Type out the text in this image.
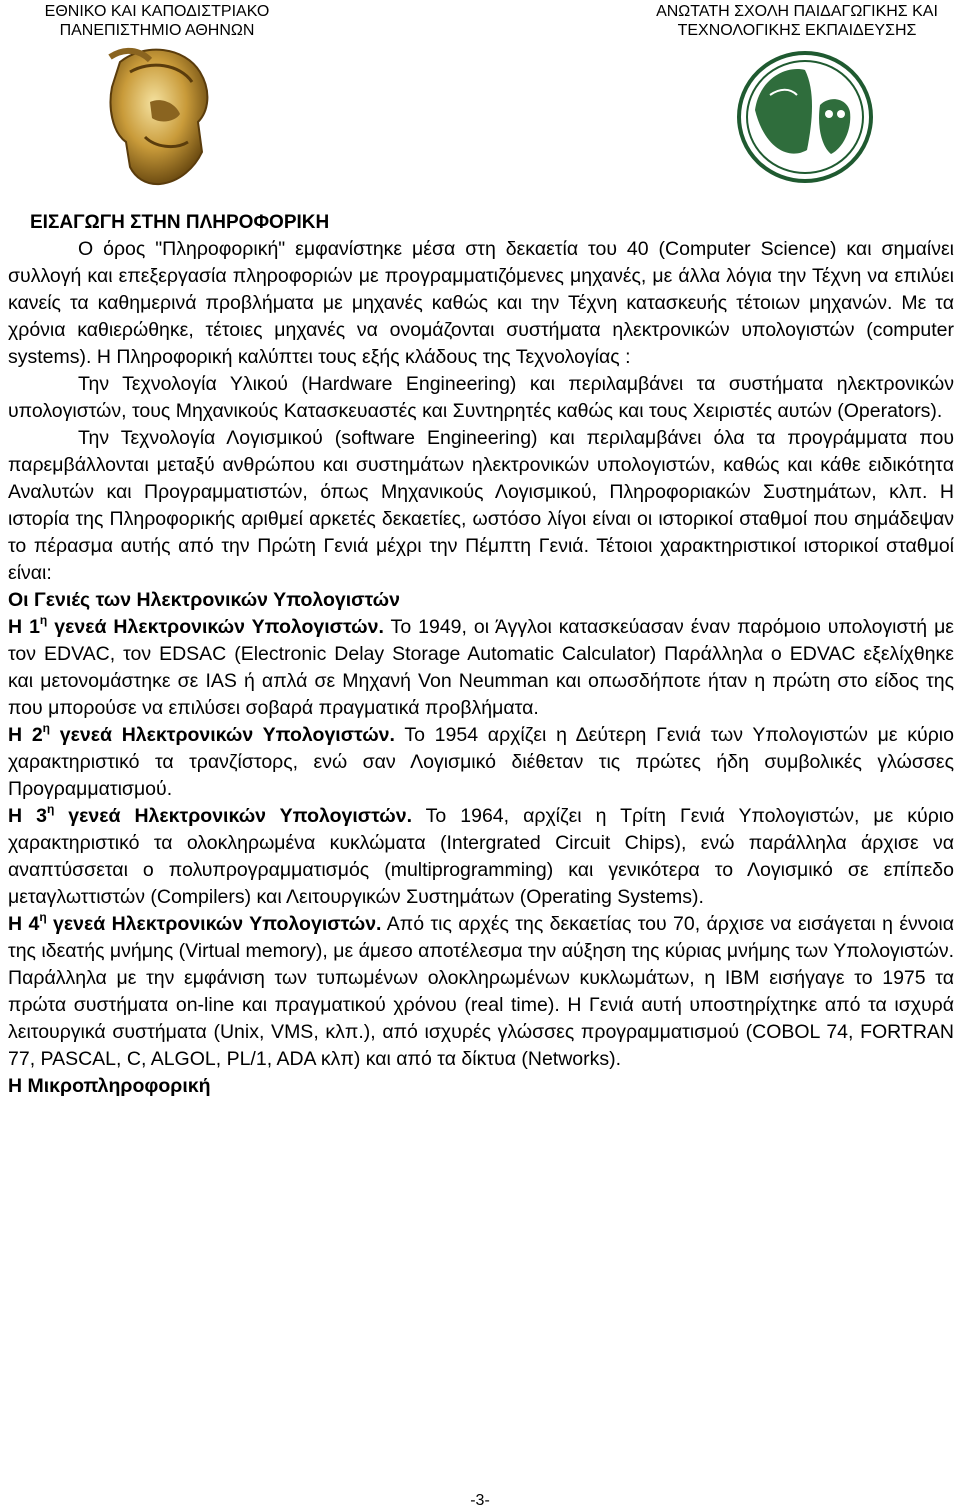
ΕΘΝΙΚΟ ΚΑΙ ΚΑΠΟΔΙΣΤΡΙΑΚΟ
ΠΑΝΕΠΙΣΤΗΜΙΟ ΑΘΗΝΩΝ
ΑΝΩΤΑΤΗ ΣΧΟΛΗ ΠΑΙΔΑΓΩΓΙΚΗΣ ΚΑΙ
ΤΕΧΝΟΛΟΓΙΚΗΣ ΕΚΠΑΙΔΕΥΣΗΣ
ΕΙΣΑΓΩΓΗ ΣΤΗΝ ΠΛΗΡΟΦΟΡΙΚΗ

Ο όρος "Πληροφορική" εμφανίστηκε μέσα στη δεκαετία του 40 (Computer Science) και σημαίνει συλλογή και επεξεργασία πληροφοριών με προγραμματιζόμενες μηχανές, με άλλα λόγια την Τέχνη να επιλύει κανείς τα καθημερινά προβλήματα με μηχανές καθώς και την Τέχνη κατασκευής τέτοιων μηχανών. Με τα χρόνια καθιερώθηκε, τέτοιες μηχανές να ονομάζονται συστήματα ηλεκτρονικών υπολογιστών (computer systems). Η Πληροφορική καλύπτει τους εξής κλάδους της Τεχνολογίας :

Την Τεχνολογία Υλικού (Hardware Engineering) και περιλαμβάνει τα συστήματα ηλεκτρονικών υπολογιστών, τους Μηχανικούς Κατασκευαστές και Συντηρητές καθώς και τους Χειριστές αυτών (Operators).

Την Τεχνολογία Λογισμικού (software Engineering) και περιλαμβάνει όλα τα προγράμματα που παρεμβάλλονται μεταξύ ανθρώπου και συστημάτων ηλεκτρονικών υπολογιστών, καθώς και κάθε ειδικότητα Αναλυτών και Προγραμματιστών, όπως Μηχανικούς Λογισμικού, Πληροφοριακών Συστημάτων, κλπ. Η ιστορία της Πληροφορικής αριθμεί αρκετές δεκαετίες, ωστόσο λίγοι είναι οι ιστορικοί σταθμοί που σημάδεψαν το πέρασμα αυτής από την Πρώτη Γενιά μέχρι την Πέμπτη Γενιά. Τέτοιοι χαρακτηριστικοί ιστορικοί σταθμοί είναι:

Οι Γενιές των Ηλεκτρονικών Υπολογιστών

Η $1^\eta$ γενεά Ηλεκτρονικών Υπολογιστών. Το 1949, οι Άγγλοι κατασκεύασαν έναν παρόμοιο υπολογιστή με τον EDVAC, τον EDSAC (Electronic Delay Storage Automatic Calculator) Παράλληλα ο EDVAC εξελίχθηκε και μετονομάστηκε σε IAS ή απλά σε Μηχανή Von Neumman και οπωσδήποτε ήταν η πρώτη στο είδος της που μπορούσε να επιλύσει σοβαρά πραγματικά προβλήματα.

Η $2^\eta$ γενεά Ηλεκτρονικών Υπολογιστών. Το 1954 αρχίζει η Δεύτερη Γενιά των Υπολογιστών με κύριο χαρακτηριστικό τα τρανζίστορς, ενώ σαν Λογισμικό διέθεταν τις πρώτες ήδη συμβολικές γλώσσες Προγραμματισμού.

Η $3^\eta$ γενεά Ηλεκτρονικών Υπολογιστών. Το 1964, αρχίζει η Τρίτη Γενιά Υπολογιστών, με κύριο χαρακτηριστικό τα ολοκληρωμένα κυκλώματα (Intergrated Circuit Chips), ενώ παράλληλα άρχισε να αναπτύσσεται ο πολυπρογραμματισμός (multiprogramming) και γενικότερα το Λογισμικό σε επίπεδο μεταγλωττιστών (Compilers) και Λειτουργικών Συστημάτων (Operating Systems).

Η $4^\eta$ γενεά Ηλεκτρονικών Υπολογιστών. Από τις αρχές της δεκαετίας του 70, άρχισε να εισάγεται η έννοια της ιδεατής μνήμης (Virtual memory), με άμεσο αποτέλεσμα την αύξηση της κύριας μνήμης των Υπολογιστών. Παράλληλα με την εμφάνιση των τυπωμένων ολοκληρωμένων κυκλωμάτων, η IBM εισήγαγε το 1975 τα πρώτα συστήματα on-line και πραγματικού χρόνου (real time). Η Γενιά αυτή υποστηρίχτηκε από τα ισχυρά λειτουργικά συστήματα (Unix, VMS, κλπ.), από ισχυρές γλώσσες προγραμματισμού (COBOL 74, FORTRAN 77, PASCAL, C, ALGOL, PL/1, ADA κλπ) και από τα δίκτυα (Networks).

Η Μικροπληροφορική
-3-
